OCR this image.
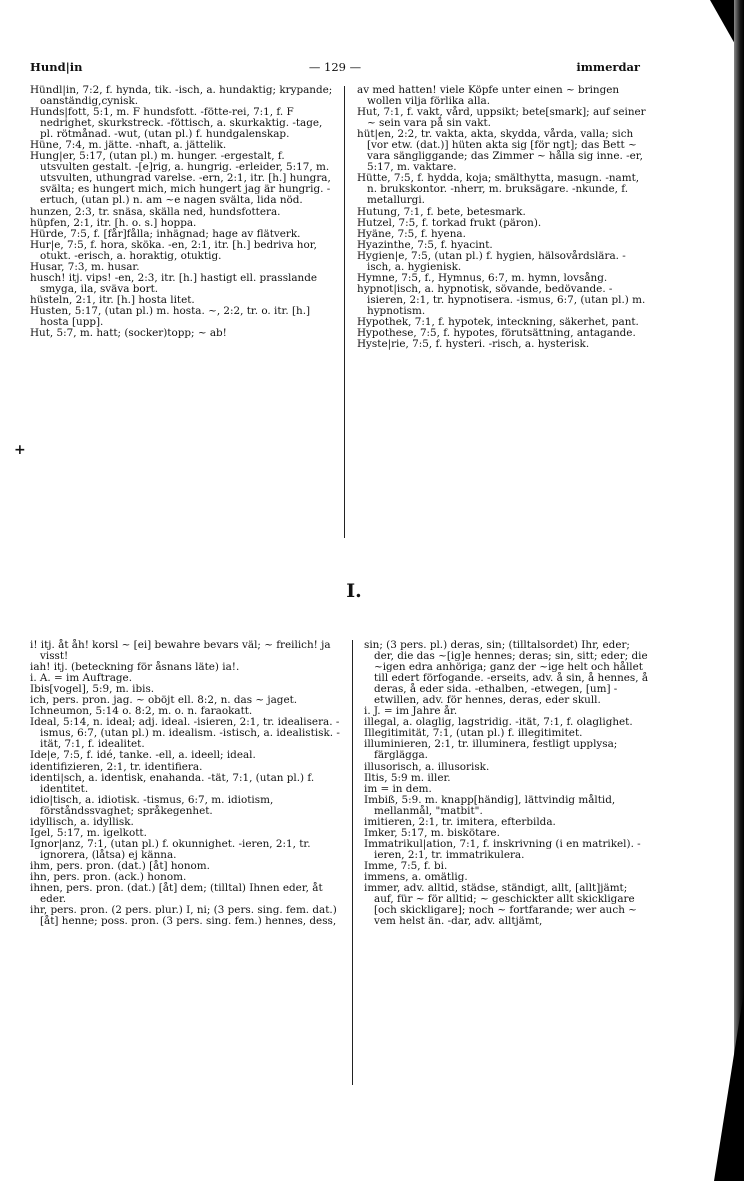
Hund|in	— 129 —	immerdar
+

Hündl|in, 7:2, f. hynda, tik. -isch, a. hundaktig; krypande; oanständig,cynisk.

Hunds|fott, 5:1, m. F hundsfott. -fötte-rei, 7:1, f. F nedrighet, skurkstreck. -föttisch, a. skurkaktig. -tage, pl. rötmånad. -wut, (utan pl.) f. hundgalenskap.

Hüne, 7:4, m. jätte. -nhaft, a. jättelik.

Hung|er, 5:17, (utan pl.) m. hunger. -ergestalt, f. utsvulten gestalt. -[e]rig, a. hungrig. -erleider, 5:17, m. utsvulten, uthungrad varelse. -ern, 2:1, itr. [h.] hungra, svälta; es hungert mich, mich hungert jag är hungrig. -ertuch, (utan pl.) n. am ~e nagen svälta, lida nöd.

hunzen, 2:3, tr. snäsa, skälla ned, hundsfottera.

hüpfen, 2:1, itr. [h. o. s.] hoppa.

Hürde, 7:5, f. [får]fålla; inhägnad; hage av flätverk.

Hur|e, 7:5, f. hora, sköka. -en, 2:1, itr. [h.] bedriva hor, otukt. -erisch, a. horaktig, otuktig.

Husar, 7:3, m. husar.

husch! itj. vips! -en, 2:3, itr. [h.] hastigt ell. prasslande smyga, ila, sväva bort.

hüsteln, 2:1, itr. [h.] hosta litet.

Husten, 5:17, (utan pl.) m. hosta. ~, 2:2, tr. o. itr. [h.] hosta [upp].

Hut, 5:7, m. hatt; (socker)topp; ~ ab!

av med hatten! viele Köpfe unter einen ~ bringen wollen vilja förlika alla.

Hut, 7:1, f. vakt, vård, uppsikt; bete[smark]; auf seiner ~ sein vara på sin vakt.

hüt|en, 2:2, tr. vakta, akta, skydda, vårda, valla; sich [vor etw. (dat.)] hüten akta sig [för ngt]; das Bett ~ vara sängliggande; das Zimmer ~ hålla sig inne. -er, 5:17, m. vaktare.

Hütte, 7:5, f. hydda, koja; smälthytta, masugn. -namt, n. brukskontor. -nherr, m. bruksägare. -nkunde, f. metallurgi.

Hutung, 7:1, f. bete, betesmark.

Hutzel, 7:5, f. torkad frukt (päron).

Hyäne, 7:5, f. hyena.

Hyazinthe, 7:5, f. hyacint.

Hygien|e, 7:5, (utan pl.) f. hygien, hälsovårdslära. -isch, a. hygienisk.

Hymne, 7:5, f., Hymnus, 6:7, m. hymn, lovsång.

hypnot|isch, a. hypnotisk, sövande, bedövande. -isieren, 2:1, tr. hypnotisera. -ismus, 6:7, (utan pl.) m. hypnotism.

Hypothek, 7:1, f. hypotek, inteckning, säkerhet, pant.

Hypothese, 7:5, f. hypotes, förutsättning, antagande.

Hyste|rie, 7:5, f. hysteri. -risch, a. hysterisk.

I.

i! itj. åt åh! korsl ~ [ei] bewahre bevars väl; ~ freilich! ja visst!

iah! itj. (beteckning för åsnans läte) ia!.

i. A. = im Auftrage.

Ibis[vogel], 5:9, m. ibis.

ich, pers. pron. jag. ~ oböjt ell. 8:2, n. das ~ jaget.

Ichneumon, 5:14 o. 8:2, m. o. n. faraokatt.

Ideal, 5:14, n. ideal; adj. ideal. -isieren, 2:1, tr. idealisera. -ismus, 6:7, (utan pl.) m. idealism. -istisch, a. idealistisk. -ität, 7:1, f. idealitet.

Ide|e, 7:5, f. idé, tanke. -ell, a. ideell; ideal.

identifizieren, 2:1, tr. identifiera.

identi|sch, a. identisk, enahanda. -tät, 7:1, (utan pl.) f. identitet.

idio|tisch, a. idiotisk. -tismus, 6:7, m. idiotism, förståndssvaghet; språkegenhet.

idyllisch, a. idyllisk.

Igel, 5:17, m. igelkott.

Ignor|anz, 7:1, (utan pl.) f. okunnighet. -ieren, 2:1, tr. ignorera, (låtsa) ej känna.

ihm, pers. pron. (dat.) [åt] honom.

ihn, pers. pron. (ack.) honom.

ihnen, pers. pron. (dat.) [åt] dem; (tilltal) Ihnen eder, åt eder.

ihr, pers. pron. (2 pers. plur.) I, ni; (3 pers. sing. fem. dat.) [åt] henne; poss. pron. (3 pers. sing. fem.) hennes, dess,

sin; (3 pers. pl.) deras, sin; (tilltalsordet) Ihr, eder; der, die das ~[ig]e hennes; deras; sin, sitt; eder; die ~igen edra anhöriga; ganz der ~ige helt och hållet till edert förfogande. -erseits, adv. å sin, å hennes, å deras, å eder sida. -ethalben, -etwegen, [um] -etwillen, adv. för hennes, deras, eder skull.

i. J. = im Jahre år.

illegal, a. olaglig, lagstridig. -ität, 7:1, f. olaglighet.

Illegitimität, 7:1, (utan pl.) f. illegitimitet.

illuminieren, 2:1, tr. illuminera, festligt upplysa; färglägga.

illusorisch, a. illusorisk.

Iltis, 5:9 m. iller.

im = in dem.

Imbiß, 5:9. m. knapp[händig], lättvindig måltid, mellanmål, "matbit".

imitieren, 2:1, tr. imitera, efterbilda.

Imker, 5:17, m. biskötare.

Immatrikul|ation, 7:1, f. inskrivning (i en matrikel). -ieren, 2:1, tr. immatrikulera.

Imme, 7:5, f. bi.

immens, a. omätlig.

immer, adv. alltid, städse, ständigt, allt, [allt]jämt; auf, für ~ för alltid; ~ geschickter allt skickligare [och skickligare]; noch ~ fortfarande; wer auch ~ vem helst än. -dar, adv. alltjämt,
